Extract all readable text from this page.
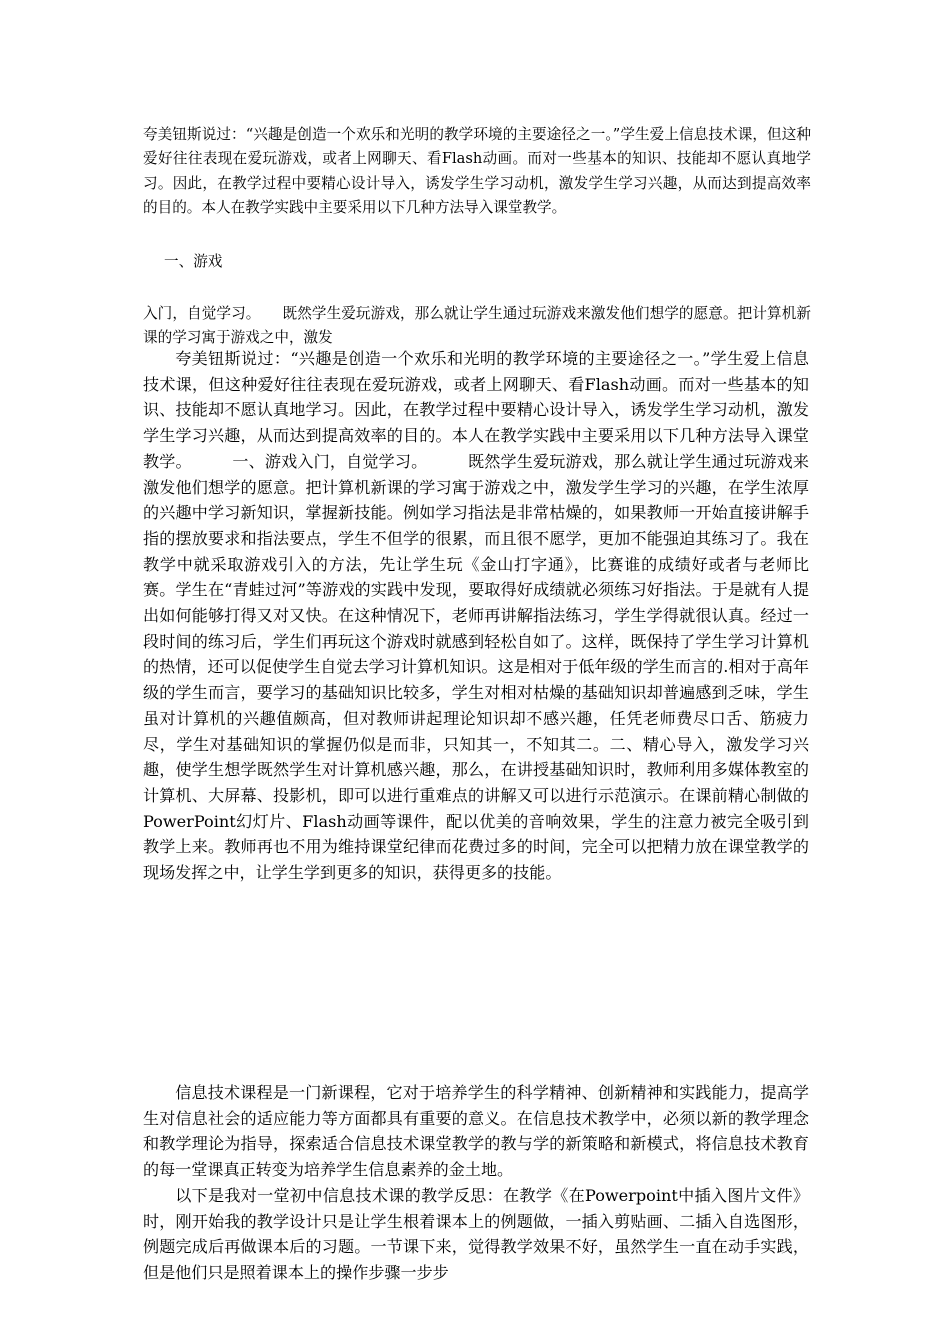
夸美钮斯说过：“兴趣是创造一个欢乐和光明的教学环境的主要途径之一。”学生爱上信息技术课，但这种爱好往往表现在爱玩游戏，或者上网聊天、看Flash动画。而对一些基本的知识、技能却不愿认真地学习。因此，在教学过程中要精心设计导入，诱发学生学习动机，激发学生学习兴趣，从而达到提高效率的目的。本人在教学实践中主要采用以下几种方法导入课堂教学。

一、游戏

入门，自觉学习。　　既然学生爱玩游戏，那么就让学生通过玩游戏来激发他们想学的愿意。把计算机新课的学习寓于游戏之中，激发

夸美钮斯说过：“兴趣是创造一个欢乐和光明的教学环境的主要途径之一。”学生爱上信息技术课，但这种爱好往往表现在爱玩游戏，或者上网聊天、看Flash动画。而对一些基本的知识、技能却不愿认真地学习。因此，在教学过程中要精心设计导入，诱发学生学习动机，激发学生学习兴趣，从而达到提高效率的目的。本人在教学实践中主要采用以下几种方法导入课堂教学。　　　一、游戏入门，自觉学习。　　　既然学生爱玩游戏，那么就让学生通过玩游戏来激发他们想学的愿意。把计算机新课的学习寓于游戏之中，激发学生学习的兴趣，在学生浓厚的兴趣中学习新知识，掌握新技能。例如学习指法是非常枯燥的，如果教师一开始直接讲解手指的摆放要求和指法要点，学生不但学的很累，而且很不愿学，更加不能强迫其练习了。我在教学中就采取游戏引入的方法，先让学生玩《金山打字通》，比赛谁的成绩好或者与老师比赛。学生在“青蛙过河”等游戏的实践中发现，要取得好成绩就必须练习好指法。于是就有人提出如何能够打得又对又快。在这种情况下，老师再讲解指法练习，学生学得就很认真。经过一段时间的练习后，学生们再玩这个游戏时就感到轻松自如了。这样，既保持了学生学习计算机的热情，还可以促使学生自觉去学习计算机知识。这是相对于低年级的学生而言的.相对于高年级的学生而言，要学习的基础知识比较多，学生对相对枯燥的基础知识却普遍感到乏味，学生虽对计算机的兴趣值颇高，但对教师讲起理论知识却不感兴趣，任凭老师费尽口舌、筋疲力尽，学生对基础知识的掌握仍似是而非，只知其一，不知其二。二、精心导入，激发学习兴趣，使学生想学既然学生对计算机感兴趣，那么，在讲授基础知识时，教师利用多媒体教室的计算机、大屏幕、投影机，即可以进行重难点的讲解又可以进行示范演示。在课前精心制做的PowerPoint幻灯片、Flash动画等课件，配以优美的音响效果，学生的注意力被完全吸引到教学上来。教师再也不用为维持课堂纪律而花费过多的时间，完全可以把精力放在课堂教学的现场发挥之中，让学生学到更多的知识，获得更多的技能。

信息技术课程是一门新课程，它对于培养学生的科学精神、创新精神和实践能力，提高学生对信息社会的适应能力等方面都具有重要的意义。在信息技术教学中，必须以新的教学理念和教学理论为指导，探索适合信息技术课堂教学的教与学的新策略和新模式，将信息技术教育的每一堂课真正转变为培养学生信息素养的金土地。

以下是我对一堂初中信息技术课的教学反思：在教学《在Powerpoint中插入图片文件》时，刚开始我的教学设计只是让学生根着课本上的例题做，一插入剪贴画、二插入自选图形，例题完成后再做课本后的习题。一节课下来，觉得教学效果不好，虽然学生一直在动手实践，但是他们只是照着课本上的操作步骤一步步
